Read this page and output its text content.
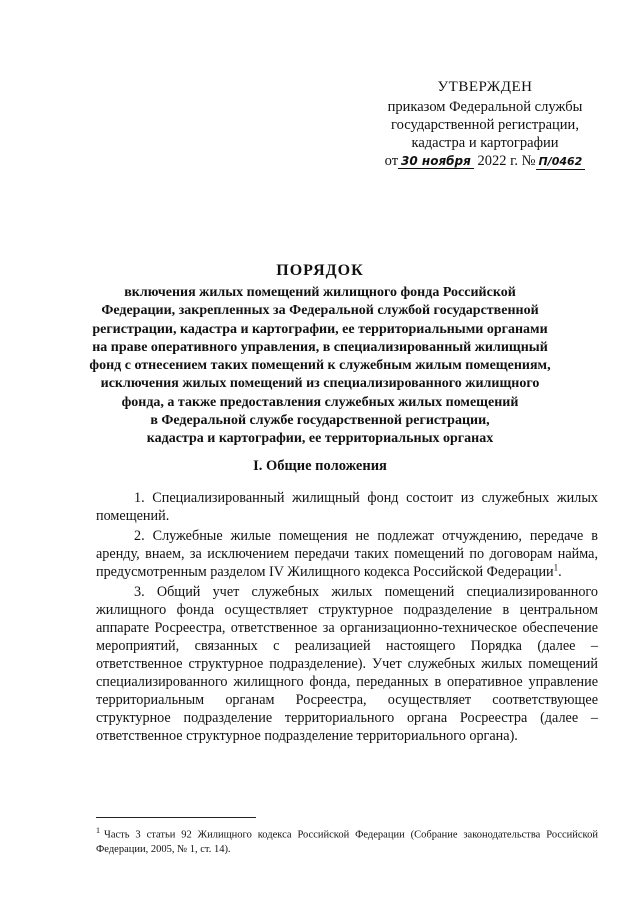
УТВЕРЖДЕН
приказом Федеральной службы
государственной регистрации,
кадастра и картографии
от 30 ноября 2022 г. № П/0462
ПОРЯДОК
включения жилых помещений жилищного фонда Российской
Федерации, закрепленных за Федеральной службой государственной
регистрации, кадастра и картографии, ее территориальными органами
на праве оперативного управления, в специализированный жилищный
фонд с отнесением таких помещений к служебным жилым помещениям,
исключения жилых помещений из специализированного жилищного
фонда, а также предоставления служебных жилых помещений
в Федеральной службе государственной регистрации,
кадастра и картографии, ее территориальных органах
I. Общие положения

1. Специализированный жилищный фонд состоит из служебных жилых помещений.

2. Служебные жилые помещения не подлежат отчуждению, передаче в аренду, внаем, за исключением передачи таких помещений по договорам найма, предусмотренным разделом IV Жилищного кодекса Российской Федерации$^1$.

3. Общий учет служебных жилых помещений специализированного жилищного фонда осуществляет структурное подразделение в центральном аппарате Росреестра, ответственное за организационно-техническое обеспечение мероприятий, связанных с реализацией настоящего Порядка (далее – ответственное структурное подразделение). Учет служебных жилых помещений специализированного жилищного фонда, переданных в оперативное управление территориальным органам Росреестра, осуществляет соответствующее структурное подразделение территориального органа Росреестра (далее – ответственное структурное подразделение территориального органа).

$^1$ Часть 3 статьи 92 Жилищного кодекса Российской Федерации (Собрание законодательства Российской Федерации, 2005, № 1, ст. 14).
